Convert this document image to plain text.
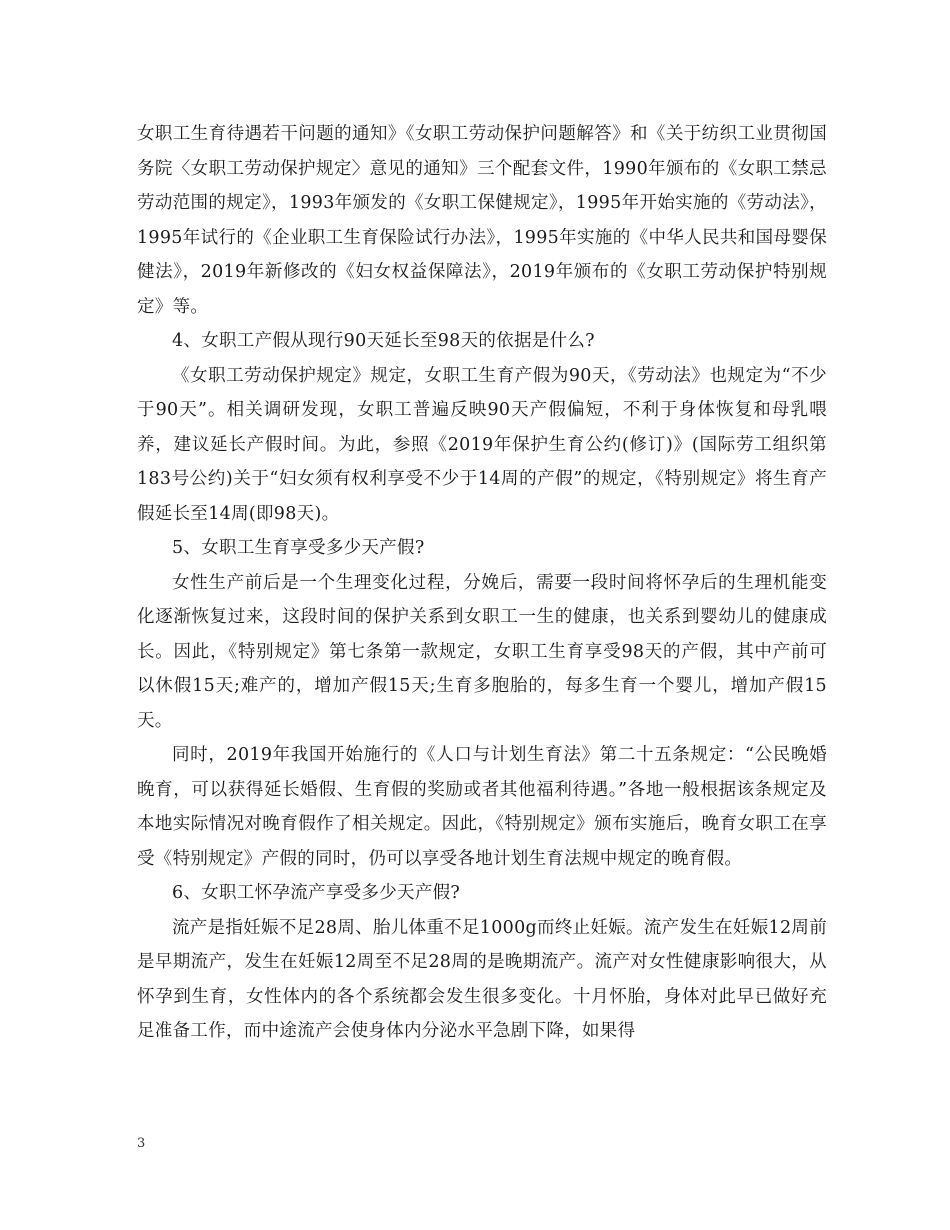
女职工生育待遇若干问题的通知》《女职工劳动保护问题解答》和《关于纺织工业贯彻国务院〈女职工劳动保护规定〉意见的通知》三个配套文件，1990年颁布的《女职工禁忌劳动范围的规定》，1993年颁发的《女职工保健规定》，1995年开始实施的《劳动法》，1995年试行的《企业职工生育保险试行办法》，1995年实施的《中华人民共和国母婴保健法》，2019年新修改的《妇女权益保障法》，2019年颁布的《女职工劳动保护特别规定》等。

4、女职工产假从现行90天延长至98天的依据是什么?

《女职工劳动保护规定》规定，女职工生育产假为90天，《劳动法》也规定为“不少于90天”。相关调研发现，女职工普遍反映90天产假偏短，不利于身体恢复和母乳喂养，建议延长产假时间。为此，参照《2019年保护生育公约(修订)》(国际劳工组织第183号公约)关于“妇女须有权利享受不少于14周的产假”的规定，《特别规定》将生育产假延长至14周(即98天)。

5、女职工生育享受多少天产假?

女性生产前后是一个生理变化过程，分娩后，需要一段时间将怀孕后的生理机能变化逐渐恢复过来，这段时间的保护关系到女职工一生的健康，也关系到婴幼儿的健康成长。因此，《特别规定》第七条第一款规定，女职工生育享受98天的产假，其中产前可以休假15天;难产的，增加产假15天;生育多胞胎的，每多生育一个婴儿，增加产假15天。

同时，2019年我国开始施行的《人口与计划生育法》第二十五条规定：“公民晚婚晚育，可以获得延长婚假、生育假的奖励或者其他福利待遇。”各地一般根据该条规定及本地实际情况对晚育假作了相关规定。因此，《特别规定》颁布实施后，晚育女职工在享受《特别规定》产假的同时，仍可以享受各地计划生育法规中规定的晚育假。

6、女职工怀孕流产享受多少天产假?

流产是指妊娠不足28周、胎儿体重不足1000g而终止妊娠。流产发生在妊娠12周前是早期流产，发生在妊娠12周至不足28周的是晚期流产。流产对女性健康影响很大，从怀孕到生育，女性体内的各个系统都会发生很多变化。十月怀胎，身体对此早已做好充足准备工作，而中途流产会使身体内分泌水平急剧下降，如果得

3
